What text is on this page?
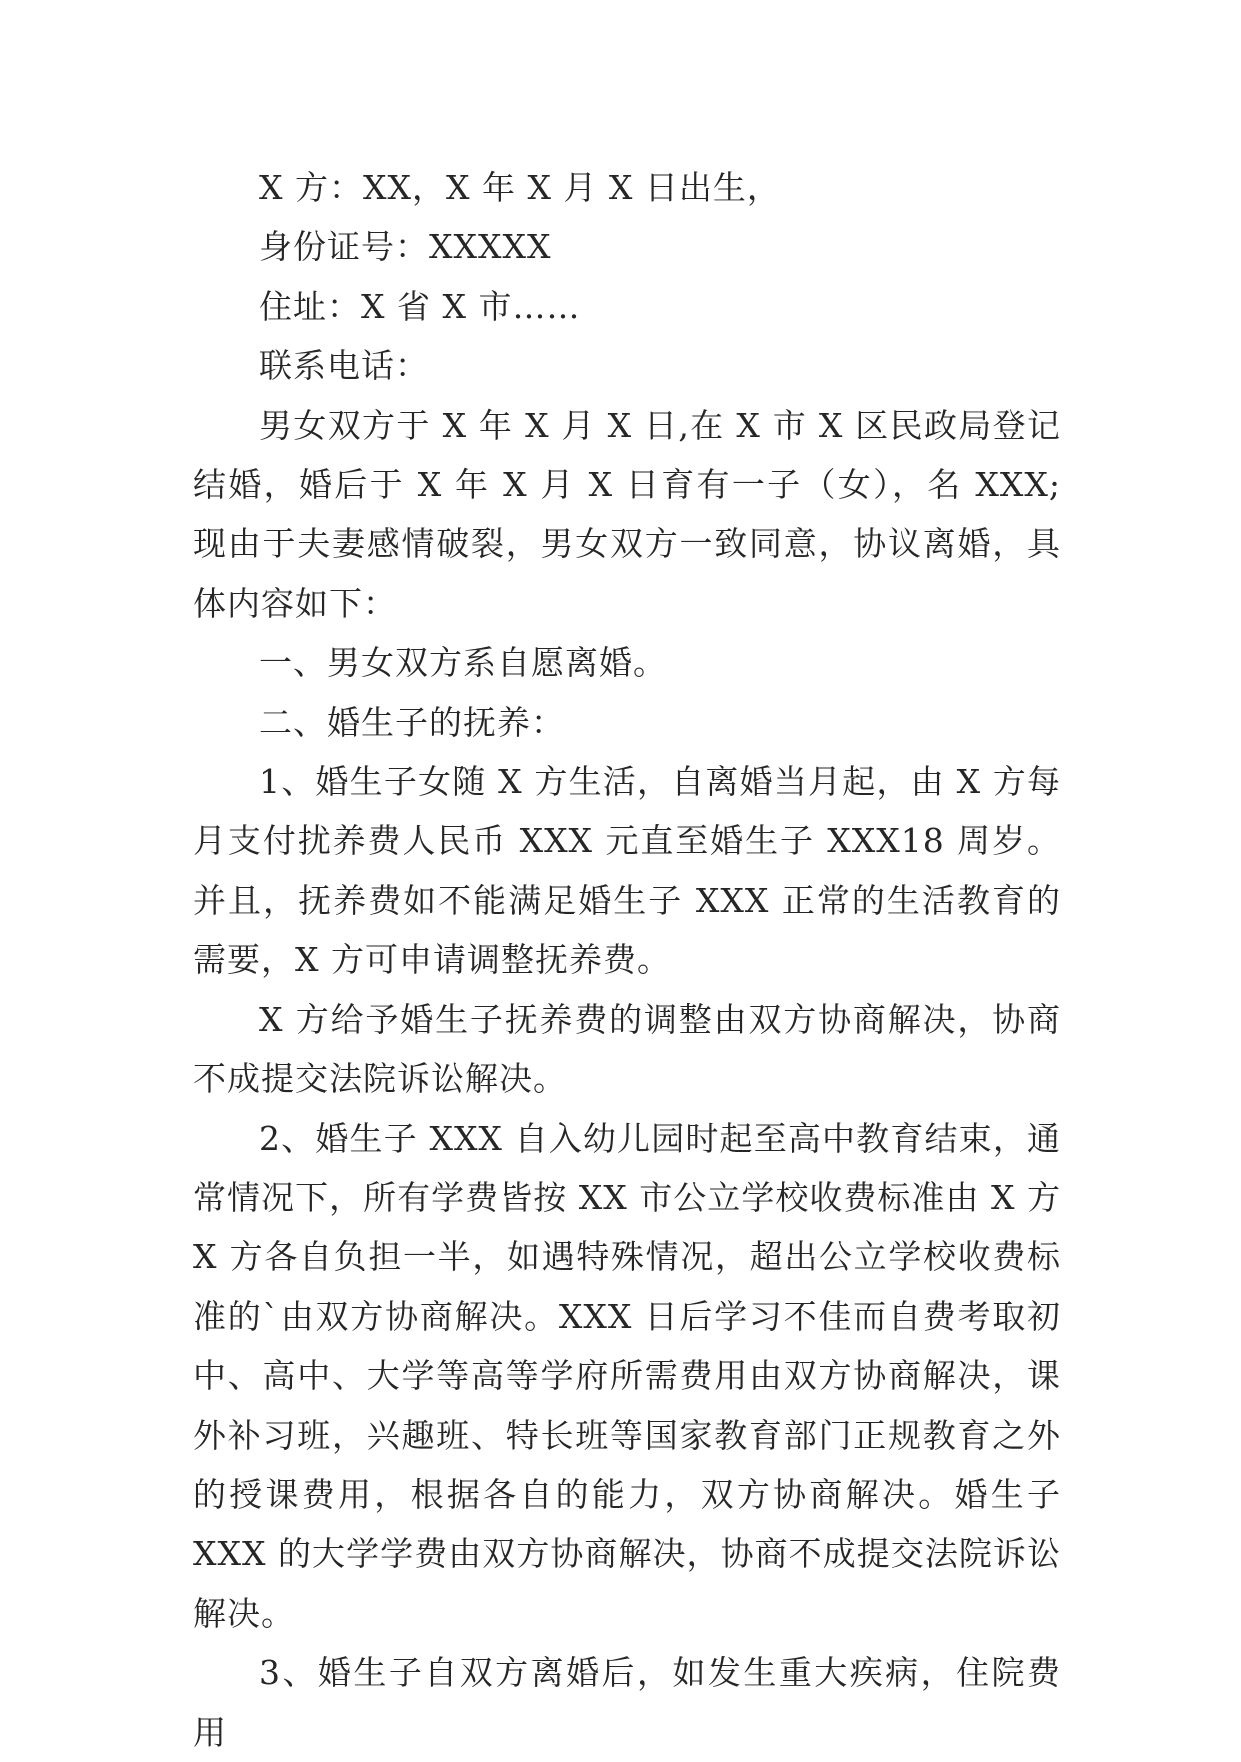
X 方：XX，X 年 X 月 X 日出生，

身份证号：XXXXX

住址：X 省 X 市……

联系电话：

男女双方于 X 年 X 月 X 日,在 X 市 X 区民政局登记结婚，婚后于 X 年 X 月 X 日育有一子（女），名 XXX;现由于夫妻感情破裂，男女双方一致同意，协议离婚，具体内容如下：

一、男女双方系自愿离婚。

二、婚生子的抚养：

1、婚生子女随 X 方生活，自离婚当月起，由 X 方每月支付扰养费人民币 XXX 元直至婚生子 XXX18 周岁。并且，抚养费如不能满足婚生子 XXX 正常的生活教育的需要，X 方可申请调整抚养费。

X 方给予婚生子抚养费的调整由双方协商解决，协商不成提交法院诉讼解决。

2、婚生子 XXX 自入幼儿园时起至高中教育结束，通常情况下，所有学费皆按 XX 市公立学校收费标准由 X 方 X 方各自负担一半，如遇特殊情况，超出公立学校收费标准的`由双方协商解决。XXX 日后学习不佳而自费考取初中、高中、大学等高等学府所需费用由双方协商解决，课外补习班，兴趣班、特长班等国家教育部门正规教育之外的授课费用，根据各自的能力，双方协商解决。婚生子 XXX 的大学学费由双方协商解决，协商不成提交法院诉讼解决。

3、婚生子自双方离婚后，如发生重大疾病，住院费用
